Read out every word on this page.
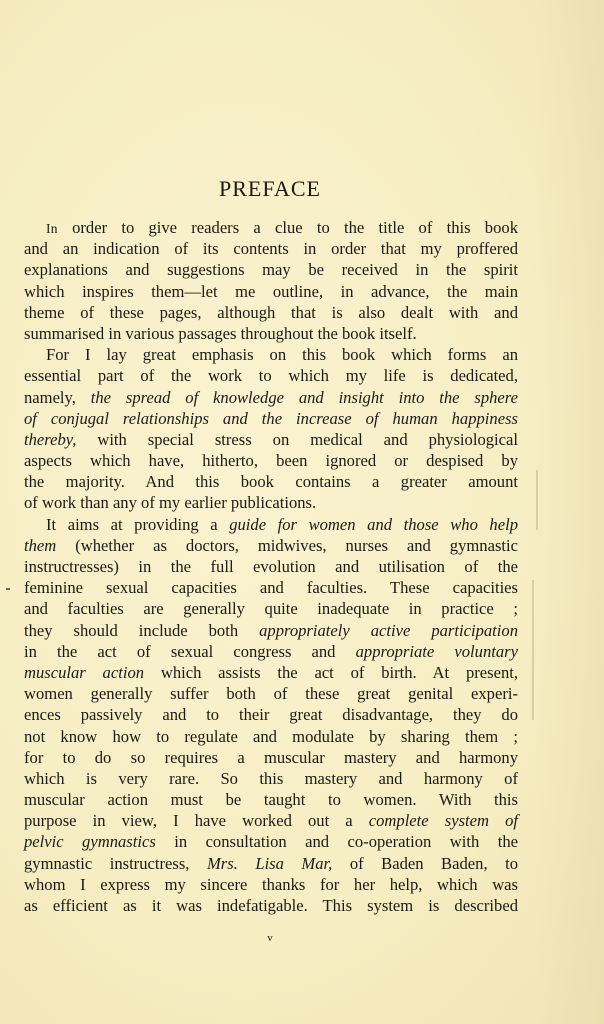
PREFACE
In order to give readers a clue to the title of this book
and an indication of its contents in order that my proffered
explanations and suggestions may be received in the spirit
which inspires them—let me outline, in advance, the main
theme of these pages, although that is also dealt with and
summarised in various passages throughout the book itself.
For I lay great emphasis on this book which forms an
essential part of the work to which my life is dedicated,
namely, the spread of knowledge and insight into the sphere
of conjugal relationships and the increase of human happiness
thereby, with special stress on medical and physiological
aspects which have, hitherto, been ignored or despised by
the majority. And this book contains a greater amount
of work than any of my earlier publications.
It aims at providing a guide for women and those who help
them (whether as doctors, midwives, nurses and gymnastic
instructresses) in the full evolution and utilisation of the
feminine sexual capacities and faculties. These capacities
and faculties are generally quite inadequate in practice ;
they should include both appropriately active participation
in the act of sexual congress and appropriate voluntary
muscular action which assists the act of birth. At present,
women generally suffer both of these great genital experi-
ences passively and to their great disadvantage, they do
not know how to regulate and modulate by sharing them ;
for to do so requires a muscular mastery and harmony
which is very rare. So this mastery and harmony of
muscular action must be taught to women. With this
purpose in view, I have worked out a complete system of
pelvic gymnastics in consultation and co-operation with the
gymnastic instructress, Mrs. Lisa Mar, of Baden Baden, to
whom I express my sincere thanks for her help, which was
as efficient as it was indefatigable. This system is described
v
